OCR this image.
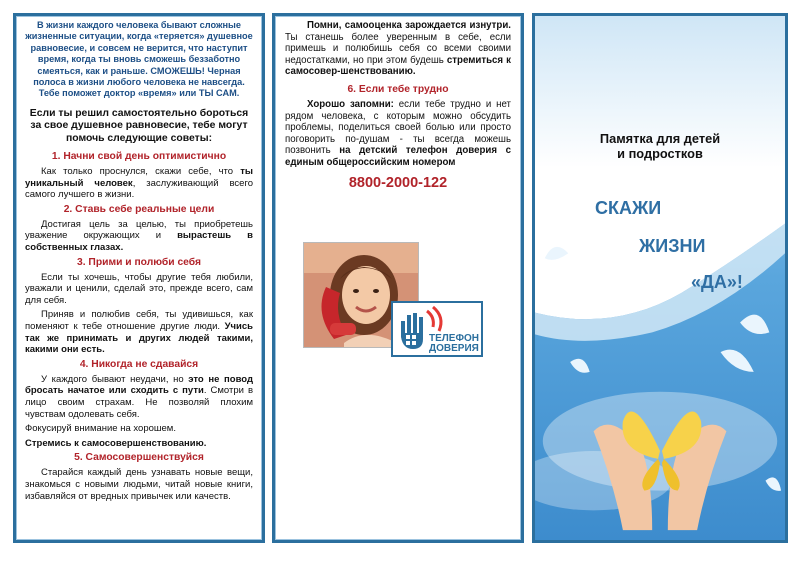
В жизни каждого человека бывают сложные жизненные ситуации, когда «теряется» душевное равновесие, и совсем не верится, что наступит время, когда ты вновь сможешь беззаботно смеяться, как и раньше. СМОЖЕШЬ! Черная полоса в жизни любого человека не навсегда. Тебе поможет доктор «время» или ТЫ САМ.
Если ты решил самостоятельно бороться за свое душевное равновесие, тебе могут помочь следующие советы:
1. Начни свой день оптимистично

Как только проснулся, скажи себе, что ты уникальный человек, заслуживающий всего самого лучшего в жизни.

2. Ставь себе реальные цели

Достигая цель за целью, ты приобретешь уважение окружающих и вырастешь в собственных глазах.

3. Прими и полюби себя

Если ты хочешь, чтобы другие тебя любили, уважали и ценили, сделай это, прежде всего, сам для себя.

Приняв и полюбив себя, ты удивишься, как поменяют к тебе отношение другие люди. Учись так же принимать и других людей такими, какими они есть.

4. Никогда не сдавайся

У каждого бывают неудачи, но это не повод бросать начатое или сходить с пути. Смотри в лицо своим страхам. Не позволяй плохим чувствам одолевать себя.

Фокусируй внимание на хорошем.

Стремись к самосовершенствованию.

5. Самосовершенствуйся

Старайся каждый день узнавать новые вещи, знакомься с новыми людьми, читай новые книги, избавляйся от вредных привычек или качеств.

Помни, самооценка зарождается изнутри. Ты станешь более уверенным в себе, если примешь и полюбишь себя со всеми своими недостатками, но при этом будешь стремиться к самосовер-шенствованию.

6. Если тебе трудно

Хорошо запомни: если тебе трудно и нет рядом человека, с которым можно обсудить проблемы, поделиться своей болью или просто поговорить по-душам - ты всегда можешь позвонить на детский телефон доверия с единым общероссийским номером

8800-2000-122
ТЕЛЕФОН
ДОВЕРИЯ
Памятка для детей
и подростков
СКАЖИ
ЖИЗНИ
«ДА»!
